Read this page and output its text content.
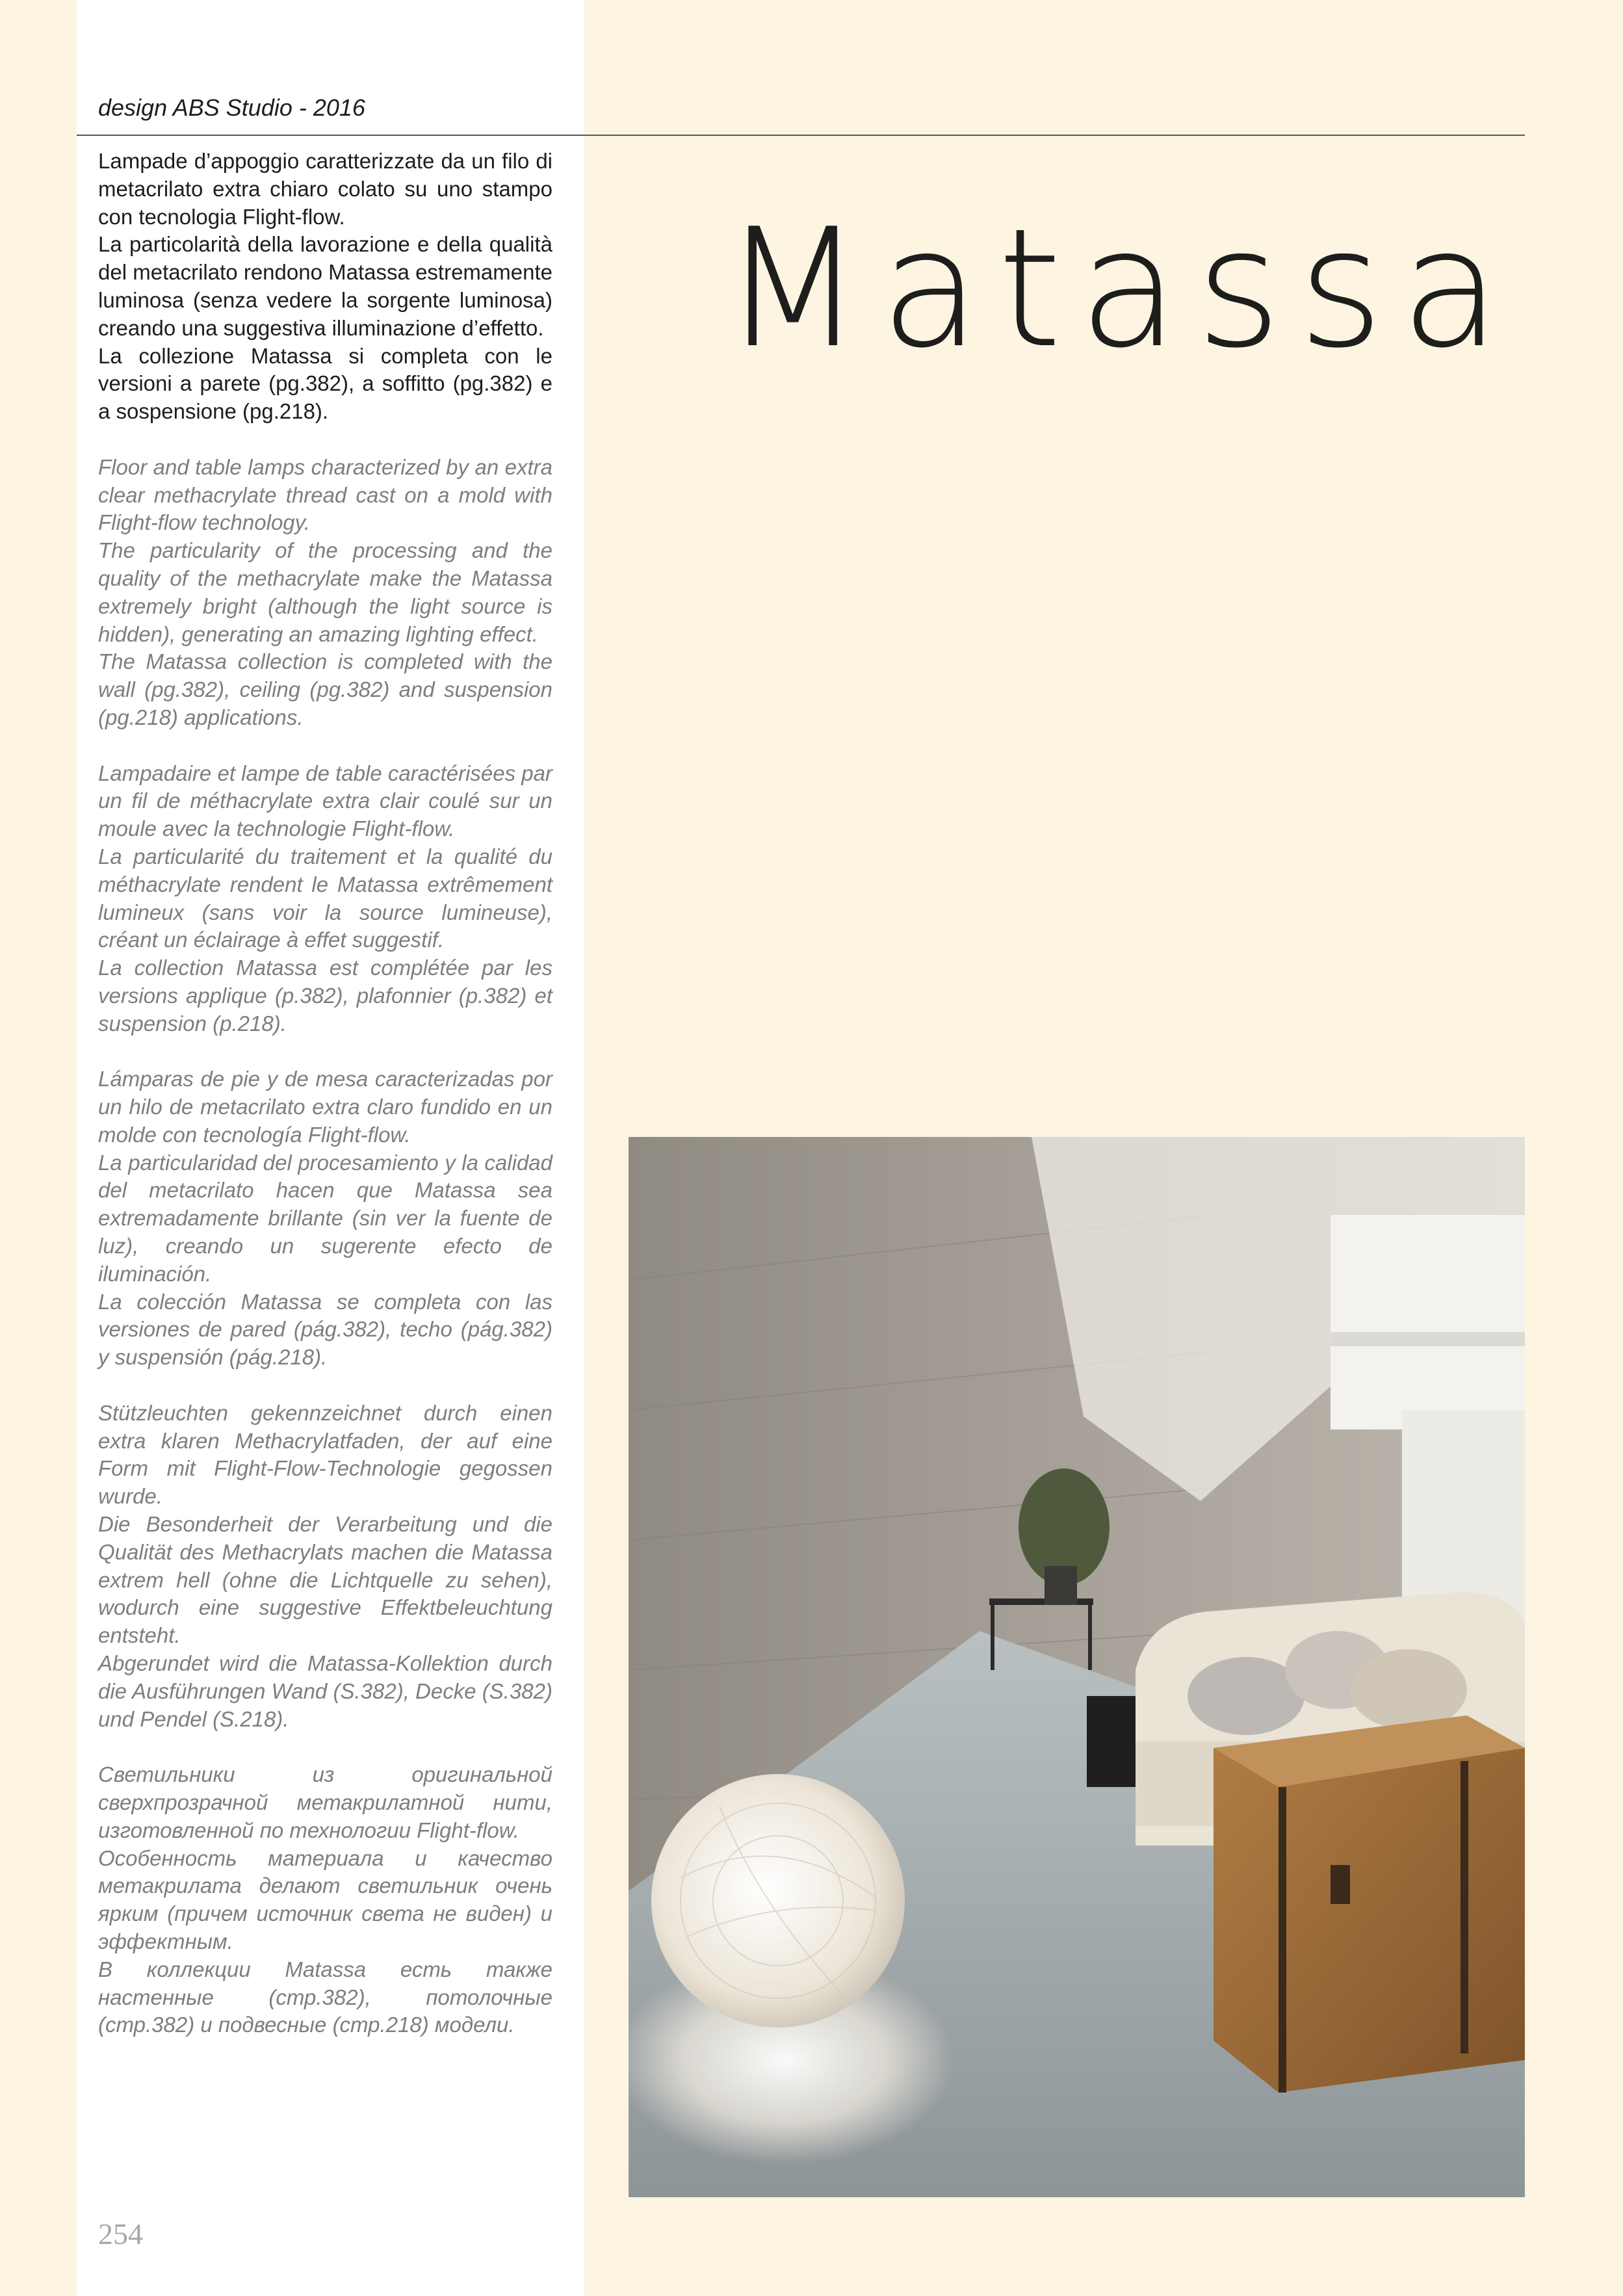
design ABS Studio - 2016

Lampade d’appoggio caratterizzate da un filo di metacrilato extra chiaro colato su uno stampo con tecnologia Flight-flow.

La particolarità della lavorazione e della qualità del metacrilato rendono Matassa estremamente luminosa (senza vedere la sorgente luminosa) creando una suggestiva illuminazione d’effetto.

La collezione Matassa si completa con le versioni a parete (pg.382), a soffitto (pg.382) e a sospensione (pg.218).

Floor and table lamps characterized by an extra clear methacrylate thread cast on a mold with Flight-flow technology.

The particularity of the processing and the quality of the methacrylate make the Matassa extremely bright (although the light source is hidden), generating an amazing lighting effect.

The Matassa collection is completed with the wall (pg.382), ceiling (pg.382) and suspension (pg.218) applications.

Lampadaire et lampe de table caractérisées par un fil de méthacrylate extra clair coulé sur un moule avec la technologie Flight-flow.

La particularité du traitement et la qualité du méthacrylate rendent le Matassa extrêmement lumineux (sans voir la source lumineuse), créant un éclairage à effet suggestif.

La collection Matassa est complétée par les versions applique (p.382), plafonnier (p.382) et suspension (p.218).

Lámparas de pie y de mesa caracterizadas por un hilo de metacrilato extra claro fundido en un molde con tecnología Flight-flow.

La particularidad del procesamiento y la calidad del metacrilato hacen que Matassa sea extremadamente brillante (sin ver la fuente de luz), creando un sugerente efecto de iluminación.

La colección Matassa se completa con las versiones de pared (pág.382), techo (pág.382) y suspensión (pág.218).

Stützleuchten gekennzeichnet durch einen extra klaren Methacrylatfaden, der auf eine Form mit Flight-Flow-Technologie gegossen wurde.

Die Besonderheit der Verarbeitung und die Qualität des Methacrylats machen die Matassa extrem hell (ohne die Lichtquelle zu sehen), wodurch eine suggestive Effektbeleuchtung entsteht.

Abgerundet wird die Matassa-Kollektion durch die Ausführungen Wand (S.382), Decke (S.382) und Pendel (S.218).

Светильники из оригинальной сверхпрозрачной метакрилатной нити, изготовленной по технологии Flight-flow.

Особенность материала и качество метакрилата делают светильник очень ярким (причем источник света не виден) и эффектным.

В коллекции Matassa есть также настенные (стр.382), потолочные (стр.382) и подвесные (стр.218) модели.

Matassa
254
